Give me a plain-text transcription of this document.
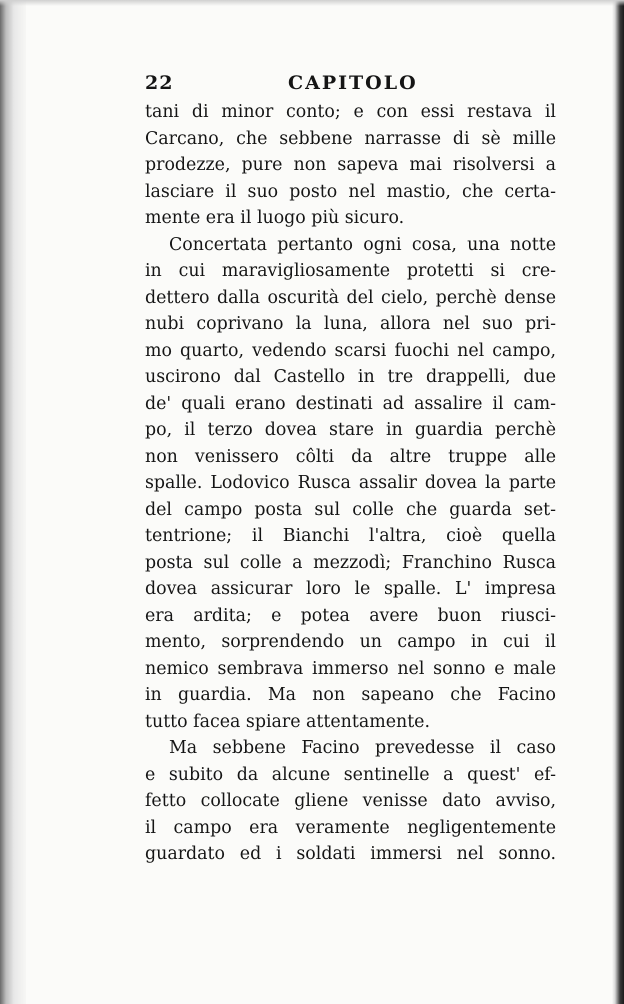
22	CAPITOLO
tani di minor conto; e con essi restava il
Carcano, che sebbene narrasse di sè mille
prodezze, pure non sapeva mai risolversi a
lasciare il suo posto nel mastio, che certa-
mente era il luogo più sicuro.
Concertata pertanto ogni cosa, una notte
in cui maravigliosamente protetti si cre-
dettero dalla oscurità del cielo, perchè dense
nubi coprivano la luna, allora nel suo pri-
mo quarto, vedendo scarsi fuochi nel campo,
uscirono dal Castello in tre drappelli, due
de' quali erano destinati ad assalire il cam-
po, il terzo dovea stare in guardia perchè
non venissero côlti da altre truppe alle
spalle. Lodovico Rusca assalir dovea la parte
del campo posta sul colle che guarda set-
tentrione; il Bianchi l'altra, cioè quella
posta sul colle a mezzodì; Franchino Rusca
dovea assicurar loro le spalle. L' impresa
era ardita; e potea avere buon riusci-
mento, sorprendendo un campo in cui il
nemico sembrava immerso nel sonno e male
in guardia. Ma non sapeano che Facino
tutto facea spiare attentamente.
Ma sebbene Facino prevedesse il caso
e subito da alcune sentinelle a quest' ef-
fetto collocate gliene venisse dato avviso,
il campo era veramente negligentemente
guardato ed i soldati immersi nel sonno.
